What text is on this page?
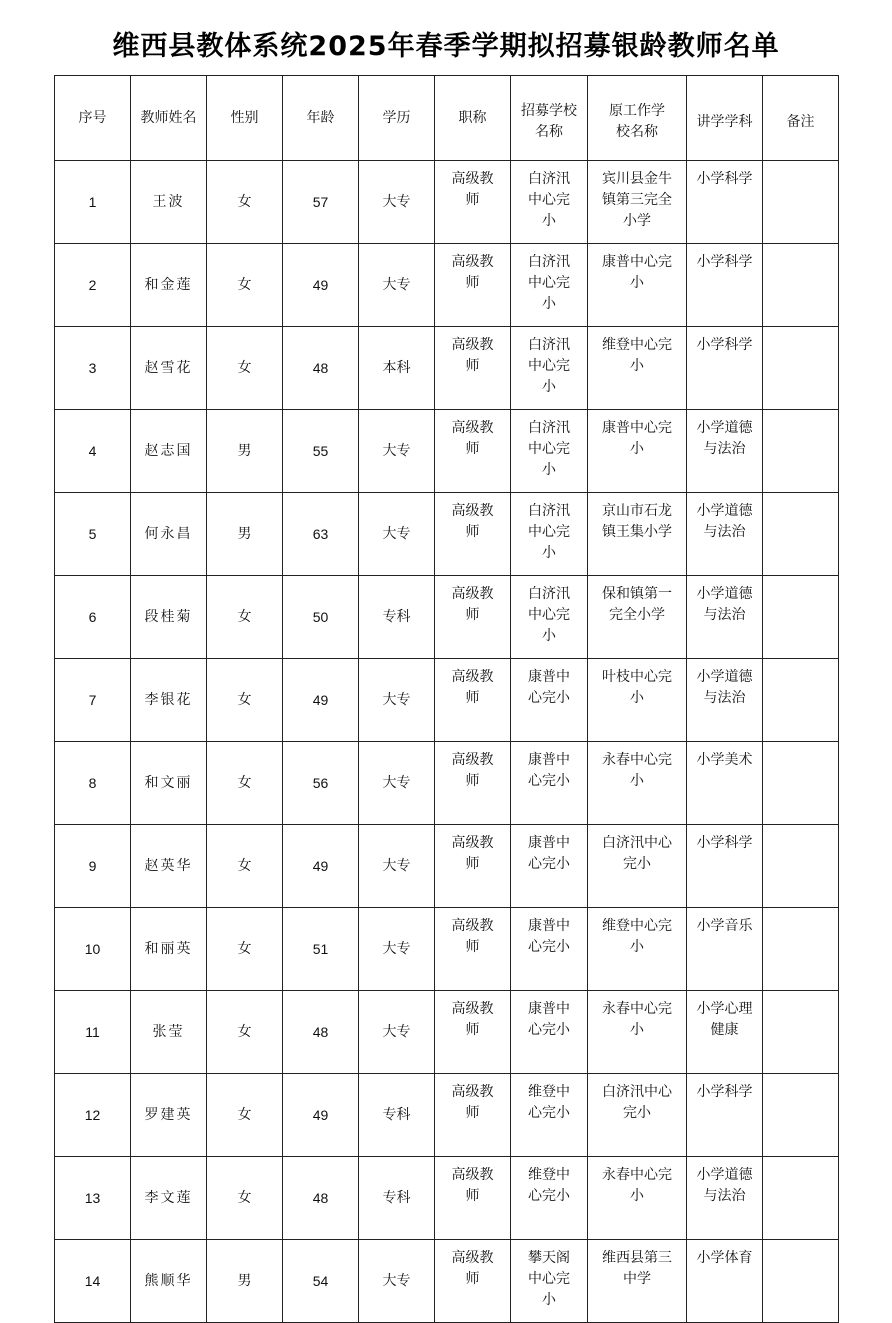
维西县教体系统2025年春季学期拟招募银龄教师名单
序号	教师姓名	性别	年龄	学历	职称	招募学校名称	原工作学校名称	讲学学科	备注
1	王波	女	57	大专	高级教师	白济汛中心完小	宾川县金牛镇第三完全小学	小学科学	
2	和金莲	女	49	大专	高级教师	白济汛中心完小	康普中心完小	小学科学	
3	赵雪花	女	48	本科	高级教师	白济汛中心完小	维登中心完小	小学科学	
4	赵志国	男	55	大专	高级教师	白济汛中心完小	康普中心完小	小学道德与法治	
5	何永昌	男	63	大专	高级教师	白济汛中心完小	京山市石龙镇王集小学	小学道德与法治	
6	段桂菊	女	50	专科	高级教师	白济汛中心完小	保和镇第一完全小学	小学道德与法治	
7	李银花	女	49	大专	高级教师	康普中心完小	叶枝中心完小	小学道德与法治	
8	和文丽	女	56	大专	高级教师	康普中心完小	永春中心完小	小学美术	
9	赵英华	女	49	大专	高级教师	康普中心完小	白济汛中心完小	小学科学	
10	和丽英	女	51	大专	高级教师	康普中心完小	维登中心完小	小学音乐	
11	张莹	女	48	大专	高级教师	康普中心完小	永春中心完小	小学心理健康	
12	罗建英	女	49	专科	高级教师	维登中心完小	白济汛中心完小	小学科学	
13	李文莲	女	48	专科	高级教师	维登中心完小	永春中心完小	小学道德与法治	
14	熊顺华	男	54	大专	高级教师	攀天阁中心完小	维西县第三中学	小学体育	
